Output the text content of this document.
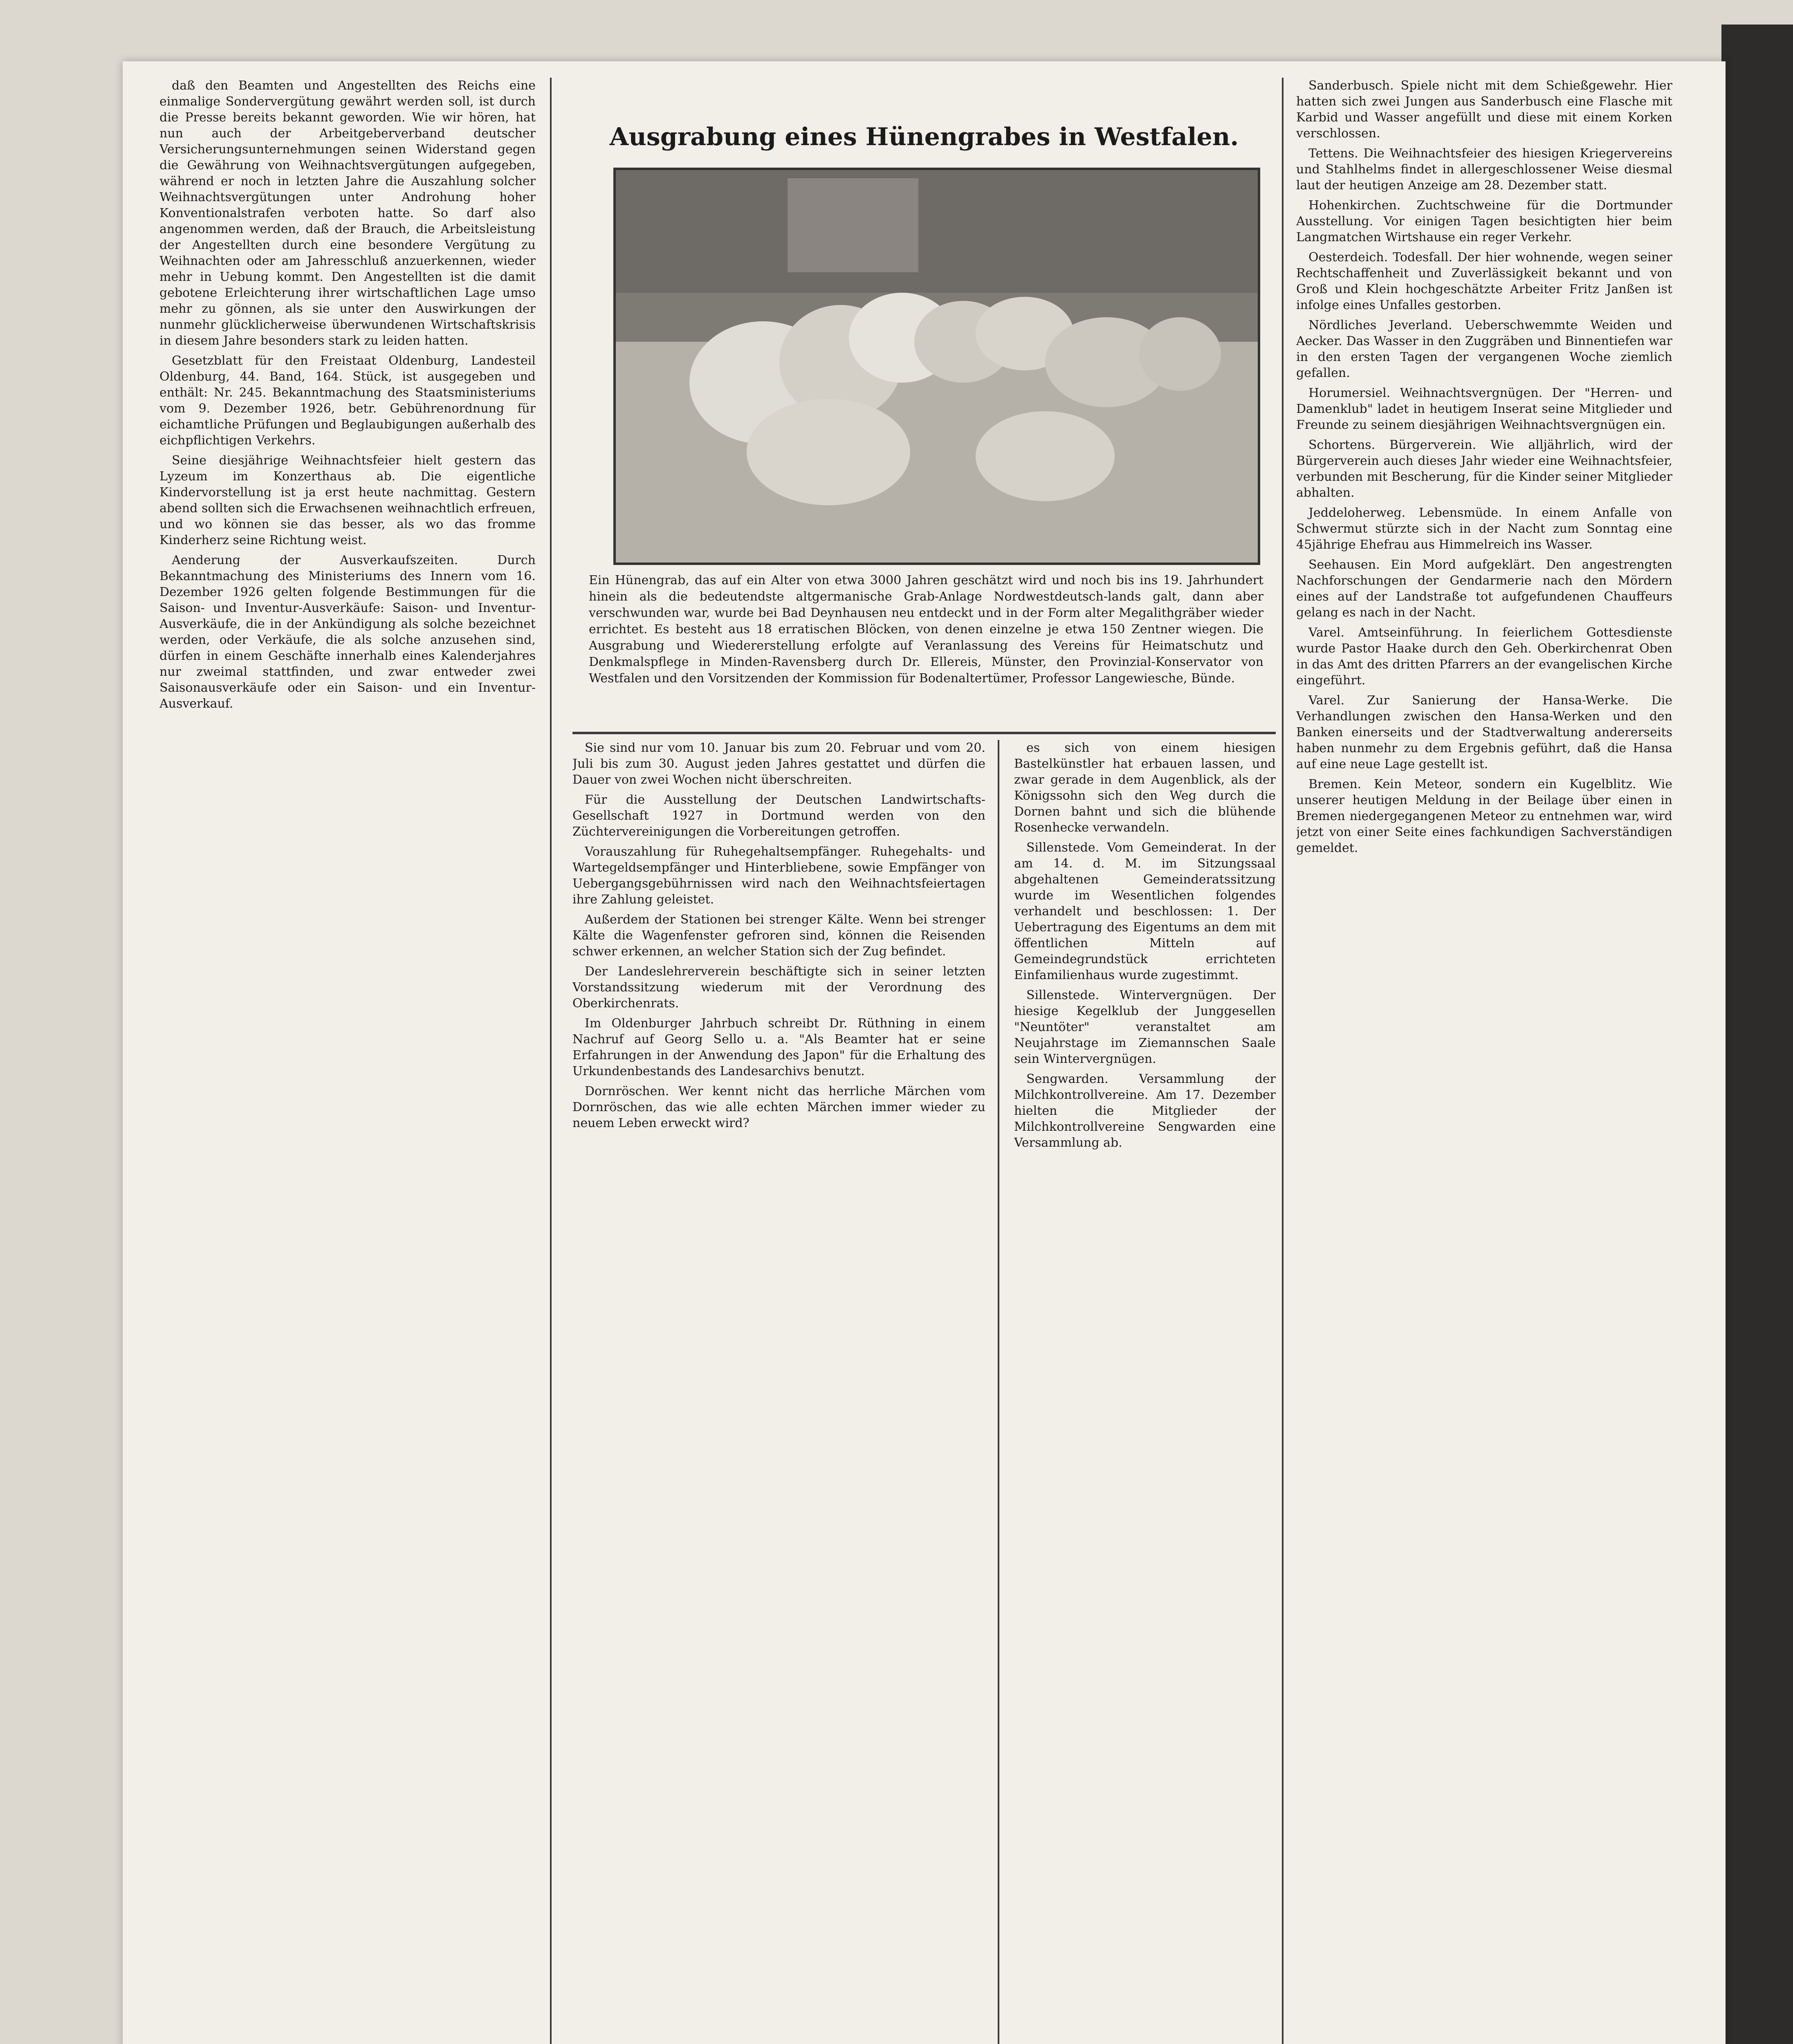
daß den Beamten und Angestellten des Reichs eine einmalige Sondervergütung gewährt werden soll, ist durch die Presse bereits bekannt geworden. Wie wir hören, hat nun auch der Arbeitgeberverband deutscher Versicherungsunternehmungen seinen Widerstand gegen die Gewährung von Weihnachtsvergütungen aufgegeben, während er noch in letzten Jahre die Auszahlung solcher Weihnachtsvergütungen unter Androhung hoher Konventionalstrafen verboten hatte. So darf also angenommen werden, daß der Brauch, die Arbeitsleistung der Angestellten durch eine besondere Vergütung zu Weihnachten oder am Jahresschluß anzuerkennen, wieder mehr in Uebung kommt. Den Angestellten ist die damit gebotene Erleichterung ihrer wirtschaftlichen Lage umso mehr zu gönnen, als sie unter den Auswirkungen der nunmehr glücklicherweise überwundenen Wirtschaftskrisis in diesem Jahre besonders stark zu leiden hatten.

Gesetzblatt für den Freistaat Oldenburg, Landesteil Oldenburg, 44. Band, 164. Stück, ist ausgegeben und enthält: Nr. 245. Bekanntmachung des Staatsministeriums vom 9. Dezember 1926, betr. Gebührenordnung für eichamtliche Prüfungen und Beglaubigungen außerhalb des eichpflichtigen Verkehrs.

Seine diesjährige Weihnachtsfeier hielt gestern das Lyzeum im Konzerthaus ab. Die eigentliche Kindervorstellung ist ja erst heute nachmittag. Gestern abend sollten sich die Erwachsenen weihnachtlich erfreuen, und wo können sie das besser, als wo das fromme Kinderherz seine Richtung weist.

Aenderung der Ausverkaufszeiten. Durch Bekanntmachung des Ministeriums des Innern vom 16. Dezember 1926 gelten folgende Bestimmungen für die Saison- und Inventur-Ausverkäufe: Saison- und Inventur-Ausverkäufe, die in der Ankündigung als solche bezeichnet werden, oder Verkäufe, die als solche anzusehen sind, dürfen in einem Geschäfte innerhalb eines Kalenderjahres nur zweimal stattfinden, und zwar entweder zwei Saisonausverkäufe oder ein Saison- und ein Inventur-Ausverkauf.

Ausgrabung eines Hünengrabes in Westfalen.
Ein Hünengrab, das auf ein Alter von etwa 3000 Jahren geschätzt wird und noch bis ins 19. Jahrhundert hinein als die bedeutendste altgermanische Grab-Anlage Nordwestdeutsch-lands galt, dann aber verschwunden war, wurde bei Bad Deynhausen neu entdeckt und in der Form alter Megalithgräber wieder errichtet. Es besteht aus 18 erratischen Blöcken, von denen einzelne je etwa 150 Zentner wiegen. Die Ausgrabung und Wiedererstellung erfolgte auf Veranlassung des Vereins für Heimatschutz und Denkmalspflege in Minden-Ravensberg durch Dr. Ellereis, Münster, den Provinzial-Konservator von Westfalen und den Vorsitzenden der Kommission für Bodenaltertümer, Professor Langewiesche, Bünde.

Sie sind nur vom 10. Januar bis zum 20. Februar und vom 20. Juli bis zum 30. August jeden Jahres gestattet und dürfen die Dauer von zwei Wochen nicht überschreiten.

Für die Ausstellung der Deutschen Landwirtschafts-Gesellschaft 1927 in Dortmund werden von den Züchtervereinigungen die Vorbereitungen getroffen.

Vorauszahlung für Ruhegehaltsempfänger. Ruhegehalts- und Wartegeldsempfänger und Hinterbliebene, sowie Empfänger von Uebergangsgebührnissen wird nach den Weihnachtsfeiertagen ihre Zahlung geleistet.

Außerdem der Stationen bei strenger Kälte. Wenn bei strenger Kälte die Wagenfenster gefroren sind, können die Reisenden schwer erkennen, an welcher Station sich der Zug befindet.

Der Landeslehrerverein beschäftigte sich in seiner letzten Vorstandssitzung wiederum mit der Verordnung des Oberkirchenrats.

Im Oldenburger Jahrbuch schreibt Dr. Rüthning in einem Nachruf auf Georg Sello u. a. "Als Beamter hat er seine Erfahrungen in der Anwendung des Japon" für die Erhaltung des Urkundenbestands des Landesarchivs benutzt.

Dornröschen. Wer kennt nicht das herrliche Märchen vom Dornröschen, das wie alle echten Märchen immer wieder zu neuem Leben erweckt wird?

es sich von einem hiesigen Bastelkünstler hat erbauen lassen, und zwar gerade in dem Augenblick, als der Königssohn sich den Weg durch die Dornen bahnt und sich die blühende Rosenhecke verwandeln.

Sillenstede. Vom Gemeinderat. In der am 14. d. M. im Sitzungssaal abgehaltenen Gemeinderatssitzung wurde im Wesentlichen folgendes verhandelt und beschlossen: 1. Der Uebertragung des Eigentums an dem mit öffentlichen Mitteln auf Gemeindegrundstück errichteten Einfamilienhaus wurde zugestimmt.

Sillenstede. Wintervergnügen. Der hiesige Kegelklub der Junggesellen "Neuntöter" veranstaltet am Neujahrstage im Ziemannschen Saale sein Wintervergnügen.

Sengwarden. Versammlung der Milchkontrollvereine. Am 17. Dezember hielten die Mitglieder der Milchkontrollvereine Sengwarden eine Versammlung ab.

Sanderbusch. Spiele nicht mit dem Schießgewehr. Hier hatten sich zwei Jungen aus Sanderbusch eine Flasche mit Karbid und Wasser angefüllt und diese mit einem Korken verschlossen.

Tettens. Die Weihnachtsfeier des hiesigen Kriegervereins und Stahlhelms findet in allergeschlossener Weise diesmal laut der heutigen Anzeige am 28. Dezember statt.

Hohenkirchen. Zuchtschweine für die Dortmunder Ausstellung. Vor einigen Tagen besichtigten hier beim Langmatchen Wirtshause ein reger Verkehr.

Oesterdeich. Todesfall. Der hier wohnende, wegen seiner Rechtschaffenheit und Zuverlässigkeit bekannt und von Groß und Klein hochgeschätzte Arbeiter Fritz Janßen ist infolge eines Unfalles gestorben.

Nördliches Jeverland. Ueberschwemmte Weiden und Aecker. Das Wasser in den Zuggräben und Binnentiefen war in den ersten Tagen der vergangenen Woche ziemlich gefallen.

Horumersiel. Weihnachtsvergnügen. Der "Herren- und Damenklub" ladet in heutigem Inserat seine Mitglieder und Freunde zu seinem diesjährigen Weihnachtsvergnügen ein.

Schortens. Bürgerverein. Wie alljährlich, wird der Bürgerverein auch dieses Jahr wieder eine Weihnachtsfeier, verbunden mit Bescherung, für die Kinder seiner Mitglieder abhalten.

Jeddeloherweg. Lebensmüde. In einem Anfalle von Schwermut stürzte sich in der Nacht zum Sonntag eine 45jährige Ehefrau aus Himmelreich ins Wasser.

Seehausen. Ein Mord aufgeklärt. Den angestrengten Nachforschungen der Gendarmerie nach den Mördern eines auf der Landstraße tot aufgefundenen Chauffeurs gelang es nach in der Nacht.

Varel. Amtseinführung. In feierlichem Gottesdienste wurde Pastor Haake durch den Geh. Oberkirchenrat Oben in das Amt des dritten Pfarrers an der evangelischen Kirche eingeführt.

Varel. Zur Sanierung der Hansa-Werke. Die Verhandlungen zwischen den Hansa-Werken und den Banken einerseits und der Stadtverwaltung andererseits haben nunmehr zu dem Ergebnis geführt, daß die Hansa auf eine neue Lage gestellt ist.

Bremen. Kein Meteor, sondern ein Kugelblitz. Wie unserer heutigen Meldung in der Beilage über einen in Bremen niedergegangenen Meteor zu entnehmen war, wird jetzt von einer Seite eines fachkundigen Sachverständigen gemeldet.
